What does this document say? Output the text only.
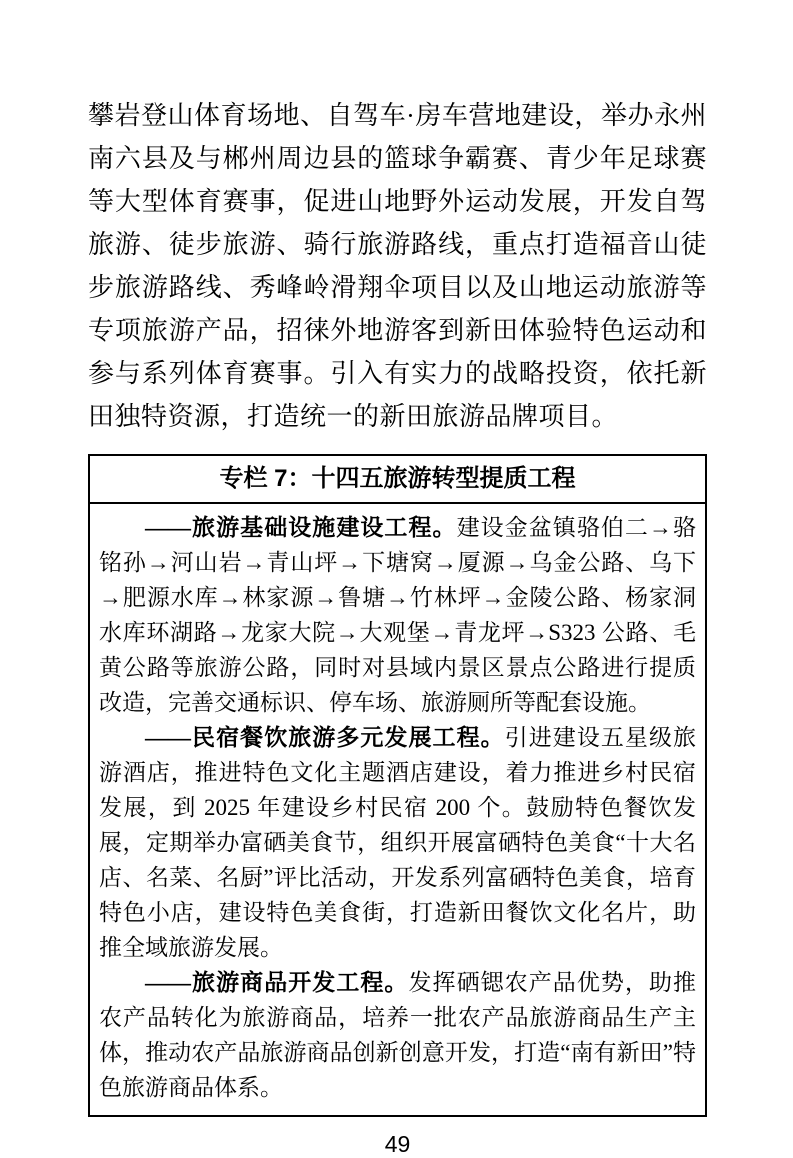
攀岩登山体育场地、自驾车·房车营地建设，举办永州南六县及与郴州周边县的篮球争霸赛、青少年足球赛等大型体育赛事，促进山地野外运动发展，开发自驾旅游、徒步旅游、骑行旅游路线，重点打造福音山徒步旅游路线、秀峰岭滑翔伞项目以及山地运动旅游等专项旅游产品，招徕外地游客到新田体验特色运动和参与系列体育赛事。引入有实力的战略投资，依托新田独特资源，打造统一的新田旅游品牌项目。

专栏 7：十四五旅游转型提质工程

——旅游基础设施建设工程。建设金盆镇骆伯二→骆铭孙→河山岩→青山坪→下塘窝→厦源→乌金公路、乌下→肥源水库→林家源→鲁塘→竹林坪→金陵公路、杨家洞水库环湖路→龙家大院→大观堡→青龙坪→S323 公路、毛黄公路等旅游公路，同时对县域内景区景点公路进行提质改造，完善交通标识、停车场、旅游厕所等配套设施。

——民宿餐饮旅游多元发展工程。引进建设五星级旅游酒店，推进特色文化主题酒店建设，着力推进乡村民宿发展，到 2025 年建设乡村民宿 200 个。鼓励特色餐饮发展，定期举办富硒美食节，组织开展富硒特色美食“十大名店、名菜、名厨”评比活动，开发系列富硒特色美食，培育特色小店，建设特色美食街，打造新田餐饮文化名片，助推全域旅游发展。

——旅游商品开发工程。发挥硒锶农产品优势，助推农产品转化为旅游商品，培养一批农产品旅游商品生产主体，推动农产品旅游商品创新创意开发，打造“南有新田”特色旅游商品体系。

49
